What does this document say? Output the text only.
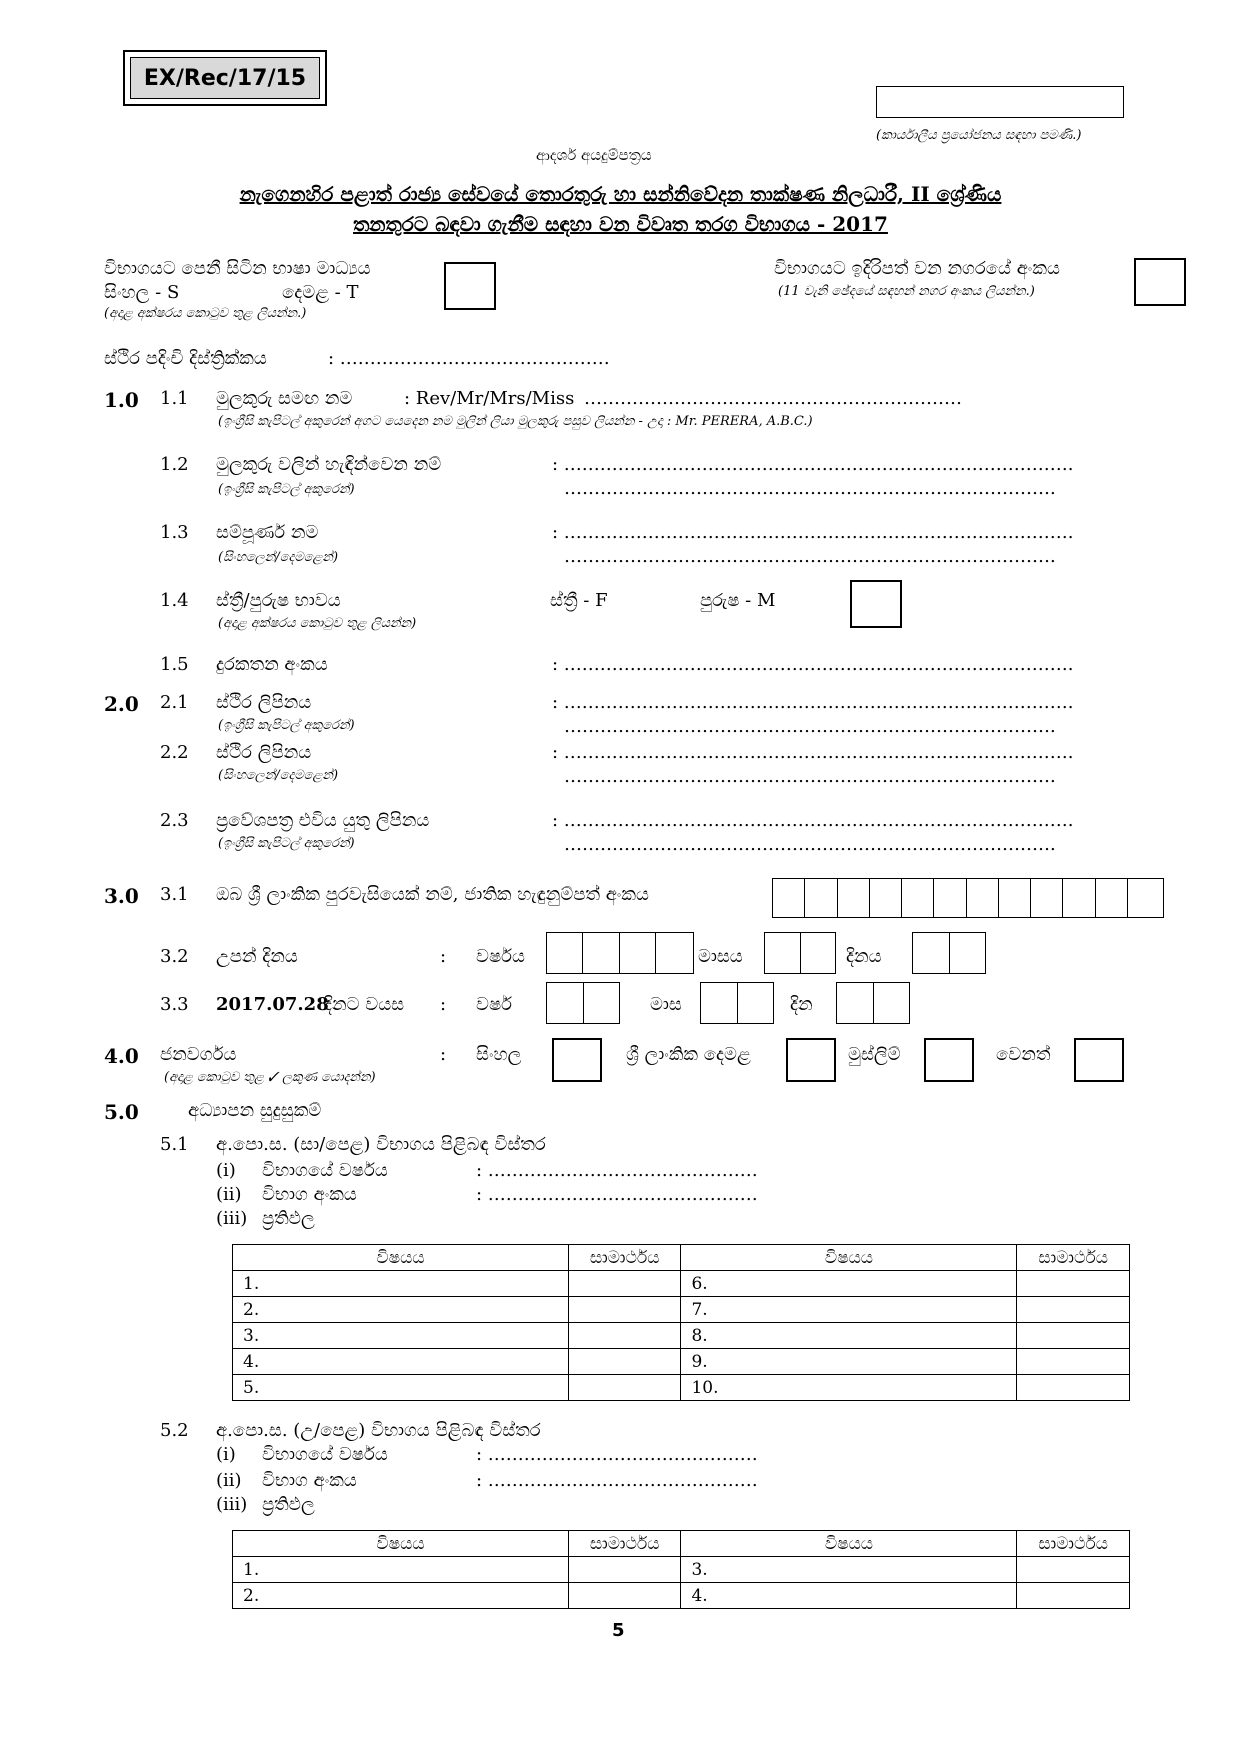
EX/Rec/17/15
(කාර්යාලීය ප්‍රයෝජනය සඳහා පමණි.)
ආදර්ශ අයදුම්පත්‍රය
නැගෙනහිර පළාත් රාජ්‍ය සේවයේ තොරතුරු හා සන්නිවේදන තාක්ෂණ නිලධාරී, II ශ්‍රේණිය
තනතුරට බඳවා ගැනීම සඳහා වන විවෘත තරග විභාගය - 2017
විභාගයට පෙනී සිටින භාෂා මාධ්‍යය
සිංහල - S	දෙමළ - T
(අදාළ අක්ෂරය කොටුව තුළ ලියන්න.)
විභාගයට ඉදිරිපත් වන නගරයේ අංකය
(11 වැනි ඡේදයේ සඳහන් නගර අංකය ලියන්න.)
ස්ථිර පදිංචි දිස්ත්‍රික්කය	: ………………………………………
1.0 1.1 මුලකුරු සමඟ නම	: Rev/Mr/Mrs/Miss ………………………………………………………
(ඉංග්‍රීසි කැපිටල් අකුරෙන් අගට යෙදෙන නම මුලින් ලියා මුලකුරු පසුව ලියන්න - උදා : Mr. PERERA, A.B.C.)
1.2 මුලකුරු වලින් හැඳින්වෙන නම්
(ඉංග්‍රීසි කැපිටල් අකුරෙන්)
: ………………………………………………………………………….
……………………………………………………………………….
1.3 සම්පූර්ණ නම
(සිංහලෙන්/දෙමළෙන්)
: ………………………………………………………………………….
……………………………………………………………………….
1.4 ස්ත්‍රී/පුරුෂ භාවය
(අදාළ අක්ෂරය කොටුව තුළ ලියන්න)
ස්ත්‍රී - F	පුරුෂ - M
1.5 දුරකතන අංකය	: ………………………………………………………………………….
2.0 2.1 ස්ථිර ලිපිනය
(ඉංග්‍රීසි කැපිටල් අකුරෙන්)
: ………………………………………………………………………….
……………………………………………………………………….
2.2 ස්ථිර ලිපිනය
(සිංහලෙන්/දෙමළෙන්)
: ………………………………………………………………………….
……………………………………………………………………….
2.3 ප්‍රවේශපත්‍ර එවිය යුතු ලිපිනය
(ඉංග්‍රීසි කැපිටල් අකුරෙන්)
: ………………………………………………………………………….
……………………………………………………………………….
3.0 3.1 ඔබ ශ්‍රී ලාංකික පුරවැසියෙක් නම්, ජාතික හැඳුනුම්පත් අංකය
3.2 උපන් දිනය	: වර්ෂය	මාසය	දිනය
3.3 2017.07.28
දිනට වයස : වර්ෂ	මාස	දින
4.0 ජනවර්ගය
(අදාළ කොටුව තුළ ✓ ලකුණ යොදන්න)
: සිංහල	ශ්‍රී ලාංකික දෙමළ	මුස්ලිම්	වෙනත්
5.0	අධ්‍යාපන සුදුසුකම්
5.1 අ.පො.ස. (සා/පෙළ) විභාගය පිළිබඳ විස්තර
(i) විභාගයේ වර්ෂය	: ………………………………………
(ii) විභාග අංකය	: ………………………………………
(iii) ප්‍රතිඵල
විෂයය	සාමාර්ථය	විෂයය	සාමාර්ථය
1.		6.	
2.		7.	
3.		8.	
4.		9.	
5.		10.	
5.2 අ.පො.ස. (උ/පෙළ) විභාගය පිළිබඳ විස්තර
(i) විභාගයේ වර්ෂය	: ………………………………………
(ii) විභාග අංකය	: ………………………………………
(iii) ප්‍රතිඵල
විෂයය	සාමාර්ථය	විෂයය	සාමාර්ථය
1.		3.	
2.		4.	
5
